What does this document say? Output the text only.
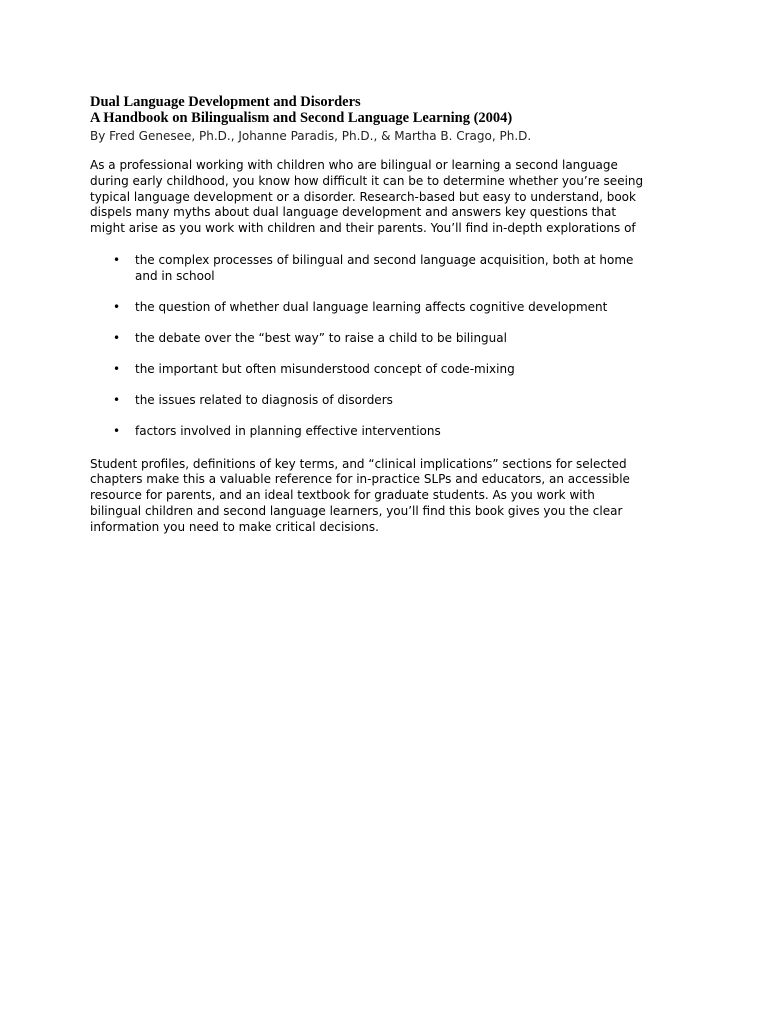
Dual Language Development and Disorders

A Handbook on Bilingualism and Second Language Learning (2004)

By Fred Genesee, Ph.D., Johanne Paradis, Ph.D., & Martha B. Crago, Ph.D.

As a professional working with children who are bilingual or learning a second language

during early childhood, you know how difficult it can be to determine whether you’re seeing

typical language development or a disorder. Research-based but easy to understand, book

dispels many myths about dual language development and answers key questions that

might arise as you work with children and their parents. You’ll find in-depth explorations of

• the complex processes of bilingual and second language acquisition, both at home
and in school
• the question of whether dual language learning affects cognitive development
• the debate over the “best way” to raise a child to be bilingual
• the important but often misunderstood concept of code-mixing
• the issues related to diagnosis of disorders
• factors involved in planning effective interventions

Student profiles, definitions of key terms, and “clinical implications” sections for selected

chapters make this a valuable reference for in-practice SLPs and educators, an accessible

resource for parents, and an ideal textbook for graduate students. As you work with

bilingual children and second language learners, you’ll find this book gives you the clear

information you need to make critical decisions.
